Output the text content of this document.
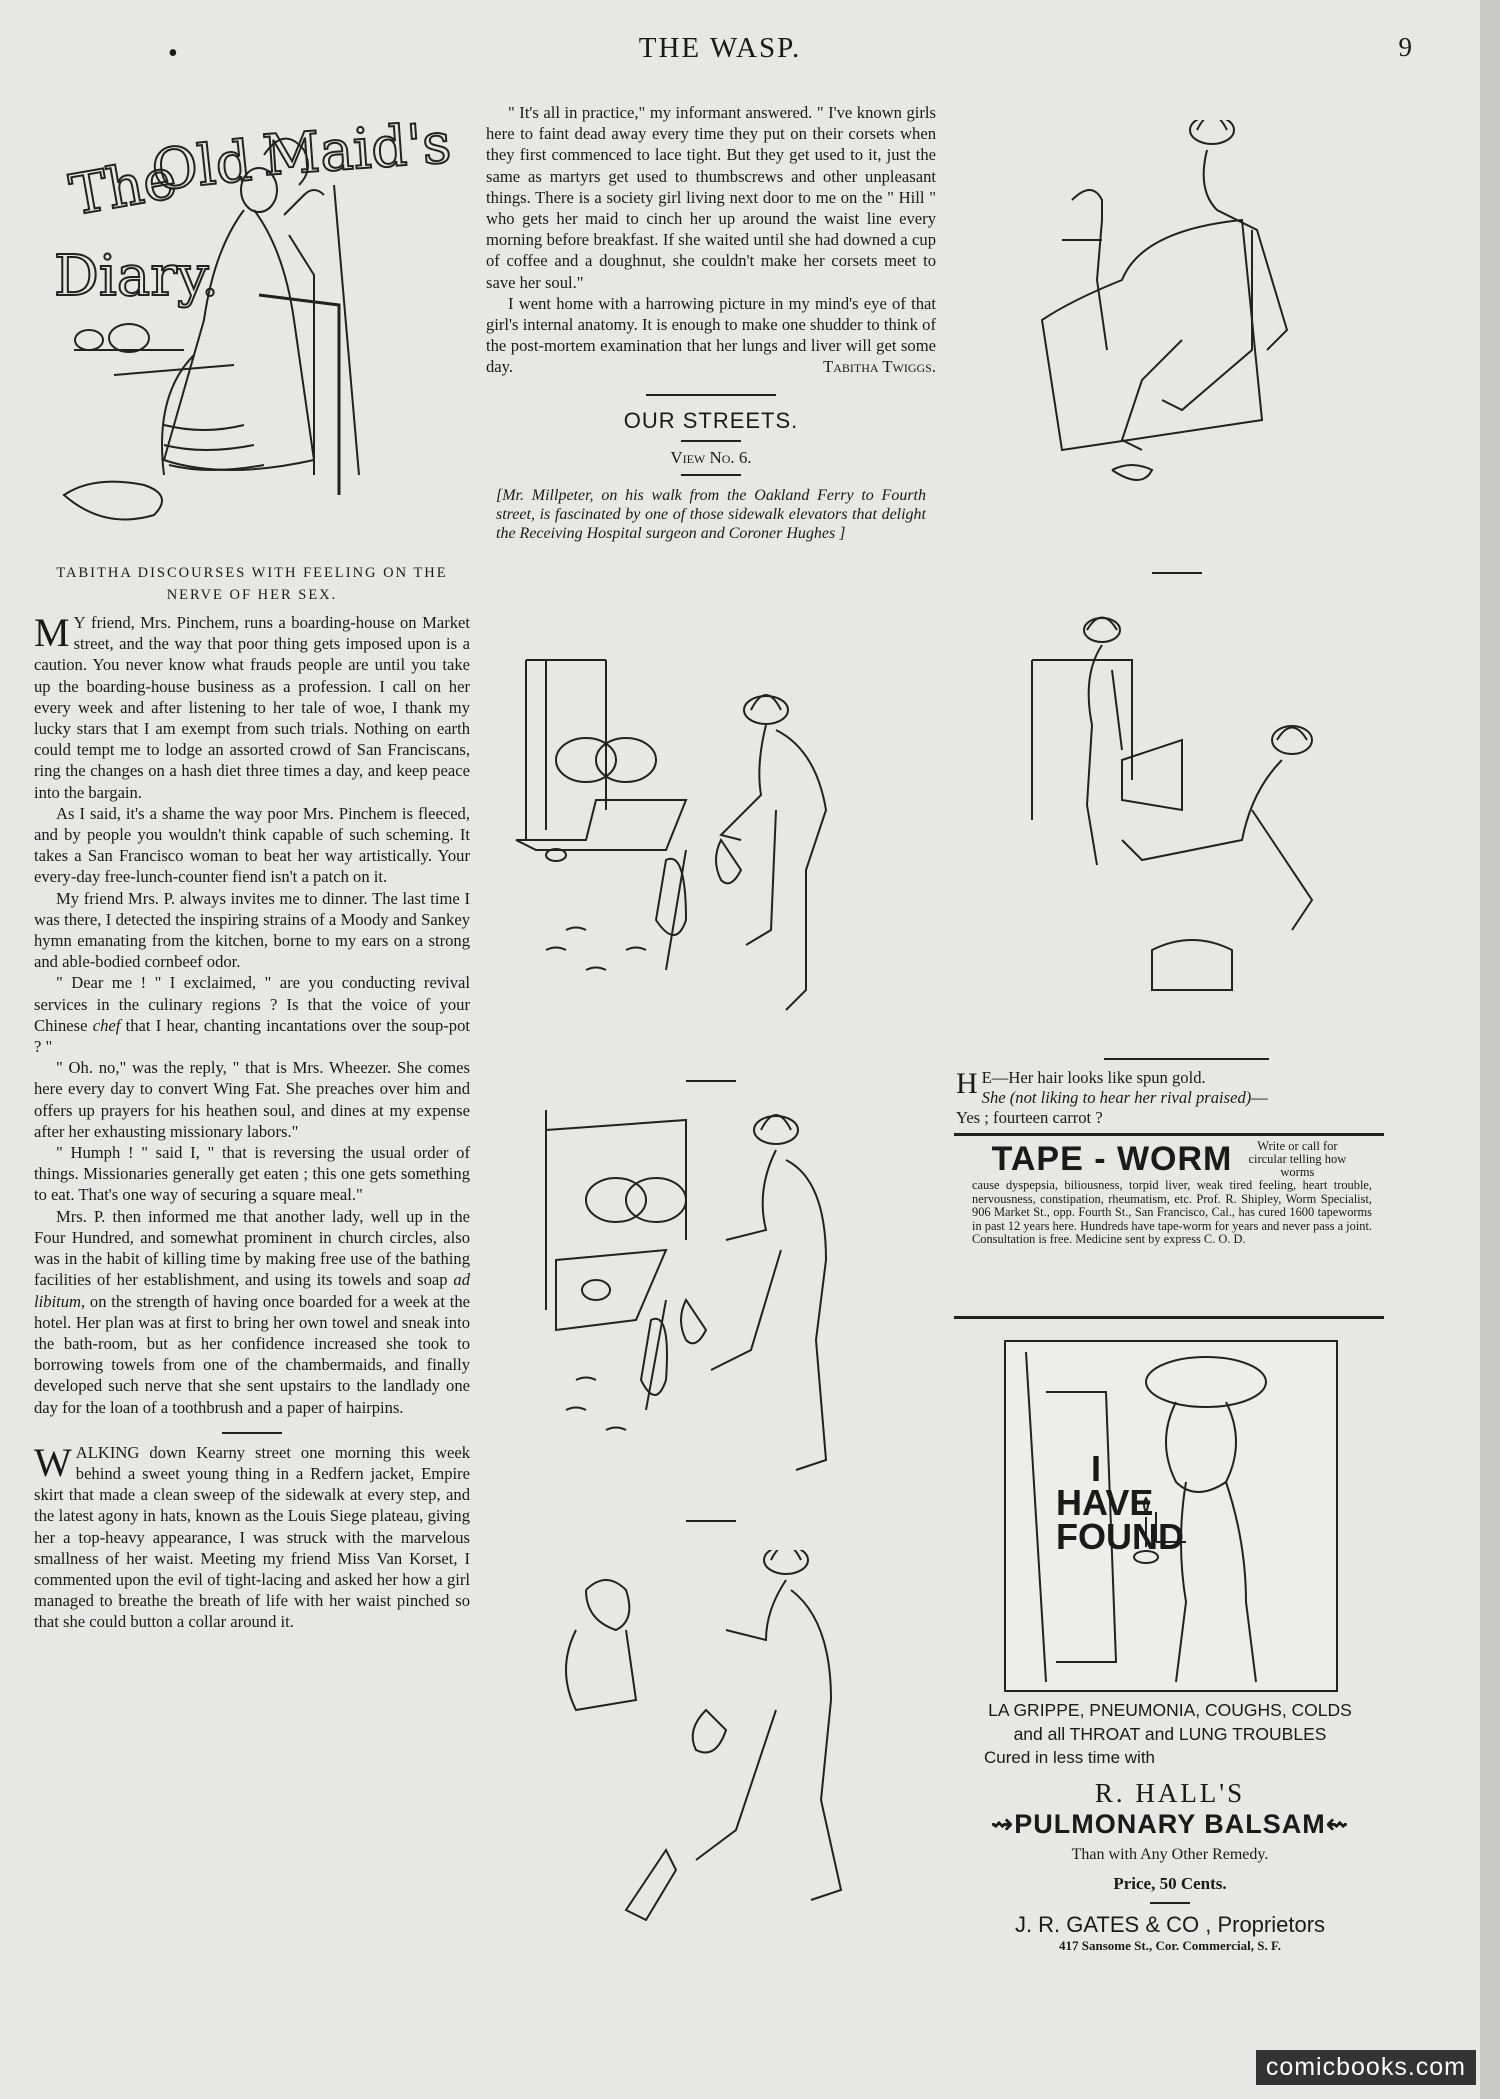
•	THE WASP.	9
The
Old Maid's
Diary.
TABITHA DISCOURSES WITH FEELING ON THE
NERVE OF HER SEX.

M Y friend, Mrs. Pinchem, runs a boarding-house on Market street, and the way that poor thing gets imposed upon is a caution. You never know what frauds people are until you take up the boarding-house business as a profession. I call on her every week and after listening to her tale of woe, I thank my lucky stars that I am exempt from such trials. Nothing on earth could tempt me to lodge an assorted crowd of San Franciscans, ring the changes on a hash diet three times a day, and keep peace into the bargain.

As I said, it's a shame the way poor Mrs. Pinchem is fleeced, and by people you wouldn't think capable of such scheming. It takes a San Francisco woman to beat her way artistically. Your every-day free-lunch-counter fiend isn't a patch on it.

My friend Mrs. P. always invites me to dinner. The last time I was there, I detected the inspiring strains of a Moody and Sankey hymn emanating from the kitchen, borne to my ears on a strong and able-bodied cornbeef odor.

" Dear me ! " I exclaimed, " are you conducting revival services in the culinary regions ? Is that the voice of your Chinese chef that I hear, chanting incantations over the soup-pot ? "

" Oh. no," was the reply, " that is Mrs. Wheezer. She comes here every day to convert Wing Fat. She preaches over him and offers up prayers for his heathen soul, and dines at my expense after her exhausting missionary labors."

" Humph ! " said I, " that is reversing the usual order of things. Missionaries generally get eaten ; this one gets something to eat. That's one way of securing a square meal."

Mrs. P. then informed me that another lady, well up in the Four Hundred, and somewhat prominent in church circles, also was in the habit of killing time by making free use of the bathing facilities of her establishment, and using its towels and soap ad libitum, on the strength of having once boarded for a week at the hotel. Her plan was at first to bring her own towel and sneak into the bath-room, but as her confidence increased she took to borrowing towels from one of the chambermaids, and finally developed such nerve that she sent upstairs to the landlady one day for the loan of a toothbrush and a paper of hairpins.

WALKING down Kearny street one morning this week behind a sweet young thing in a Redfern jacket, Empire skirt that made a clean sweep of the sidewalk at every step, and the latest agony in hats, known as the Louis Siege plateau, giving her a top-heavy appearance, I was struck with the marvelous smallness of her waist. Meeting my friend Miss Van Korset, I commented upon the evil of tight-lacing and asked her how a girl managed to breathe the breath of life with her waist pinched so that she could button a collar around it.

" It's all in practice," my informant answered. " I've known girls here to faint dead away every time they put on their corsets when they first commenced to lace tight. But they get used to it, just the same as martyrs get used to thumbscrews and other unpleasant things. There is a society girl living next door to me on the " Hill " who gets her maid to cinch her up around the waist line every morning before breakfast. If she waited until she had downed a cup of coffee and a doughnut, she couldn't make her corsets meet to save her soul."

I went home with a harrowing picture in my mind's eye of that girl's internal anatomy. It is enough to make one shudder to think of the post-mortem examination that her lungs and liver will get some day.	Tabitha Twiggs.

OUR STREETS.
View No. 6.
[Mr. Millpeter, on his walk from the Oakland Ferry to Fourth street, is fascinated by one of those sidewalk elevators that delight the Receiving Hospital surgeon and Coroner Hughes ]
H E—Her hair looks like spun gold.
She (not liking to hear her rival praised)—
Yes ; fourteen carrot ?
TAPE - WORM	Write or call for circular telling how worms
cause dyspepsia, biliousness, torpid liver, weak tired feeling, heart trouble, nervousness, constipation, rheumatism, etc. Prof. R. Shipley, Worm Specialist, 906 Market St., opp. Fourth St., San Francisco, Cal., has cured 1600 tapeworms in past 12 years here. Hundreds have tape-worm for years and never pass a joint. Consultation is free. Medicine sent by express C. O. D.
I
HAVE
FOUND
LA GRIPPE, PNEUMONIA, COUGHS, COLDS
and all THROAT and LUNG TROUBLES
Cured in less time with
R. HALL'S
⇝PULMONARY BALSAM⇜
Than with Any Other Remedy.
Price, 50 Cents.
J. R. GATES & CO , Proprietors
417 Sansome St., Cor. Commercial, S. F.
comicbooks.com
